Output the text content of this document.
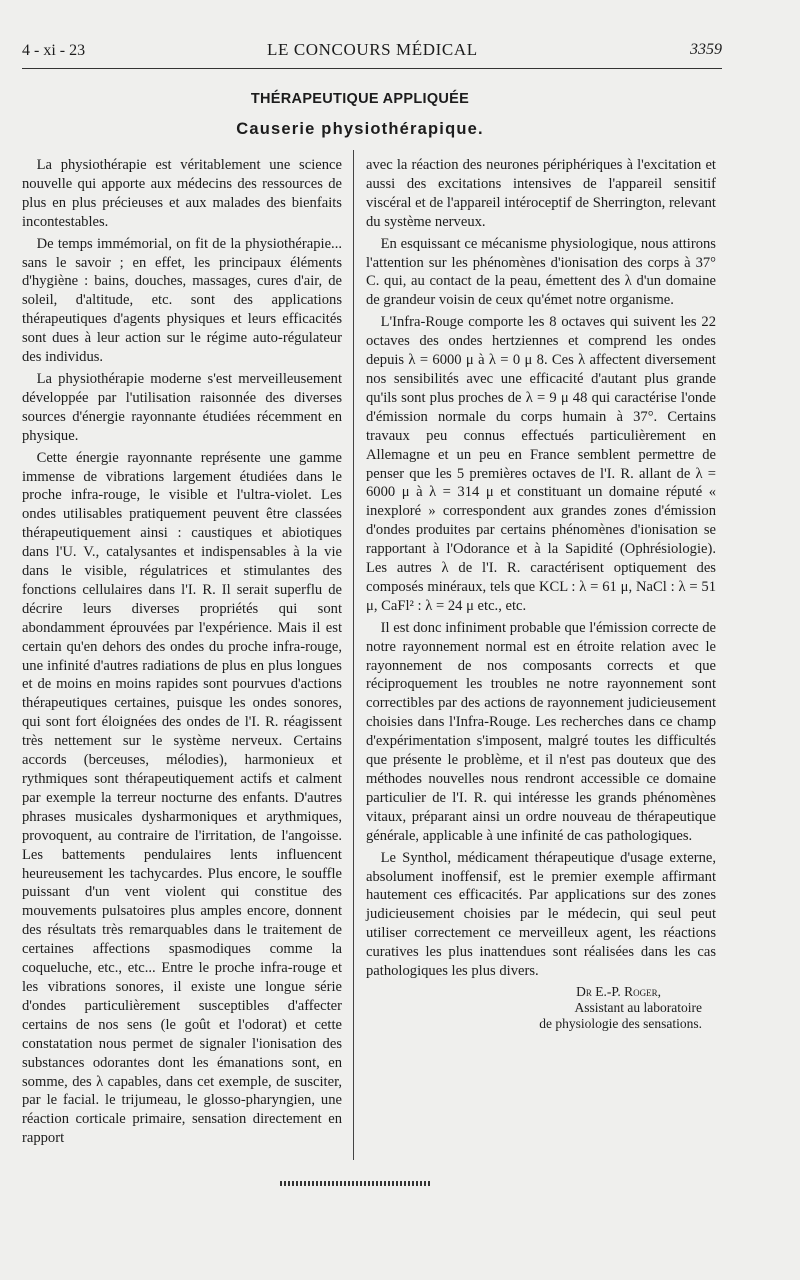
4 - xi - 23	LE CONCOURS MÉDICAL	3359
THÉRAPEUTIQUE APPLIQUÉE
Causerie physiothérapique.

La physiothérapie est véritablement une science nouvelle qui apporte aux médecins des ressources de plus en plus précieuses et aux malades des bienfaits incontestables.

De temps immémorial, on fit de la physiothérapie... sans le savoir ; en effet, les principaux éléments d'hygiène : bains, douches, massages, cures d'air, de soleil, d'altitude, etc. sont des applications thérapeutiques d'agents physiques et leurs efficacités sont dues à leur action sur le régime auto-régulateur des individus.

La physiothérapie moderne s'est merveilleusement développée par l'utilisation raisonnée des diverses sources d'énergie rayonnante étudiées récemment en physique.

Cette énergie rayonnante représente une gamme immense de vibrations largement étudiées dans le proche infra-rouge, le visible et l'ultra-violet. Les ondes utilisables pratiquement peuvent être classées thérapeutiquement ainsi : caustiques et abiotiques dans l'U. V., catalysantes et indispensables à la vie dans le visible, régulatrices et stimulantes des fonctions cellulaires dans l'I. R. Il serait superflu de décrire leurs diverses propriétés qui sont abondamment éprouvées par l'expérience. Mais il est certain qu'en dehors des ondes du proche infra-rouge, une infinité d'autres radiations de plus en plus longues et de moins en moins rapides sont pourvues d'actions thérapeutiques certaines, puisque les ondes sonores, qui sont fort éloignées des ondes de l'I. R. réagissent très nettement sur le système nerveux. Certains accords (berceuses, mélodies), harmonieux et rythmiques sont thérapeutiquement actifs et calment par exemple la terreur nocturne des enfants. D'autres phrases musicales dysharmoniques et arythmiques, provoquent, au contraire de l'irritation, de l'angoisse. Les battements pendulaires lents influencent heureusement les tachycardes. Plus encore, le souffle puissant d'un vent violent qui constitue des mouvements pulsatoires plus amples encore, donnent des résultats très remarquables dans le traitement de certaines affections spasmodiques comme la coqueluche, etc., etc... Entre le proche infra-rouge et les vibrations sonores, il existe une longue série d'ondes particulièrement susceptibles d'affecter certains de nos sens (le goût et l'odorat) et cette constatation nous permet de signaler l'ionisation des substances odorantes dont les émanations sont, en somme, des λ capables, dans cet exemple, de susciter, par le facial. le trijumeau, le glosso-pharyngien, une réaction corticale primaire, sensation directement en rapport

avec la réaction des neurones périphériques à l'excitation et aussi des excitations intensives de l'appareil sensitif viscéral et de l'appareil intéroceptif de Sherrington, relevant du système nerveux.

En esquissant ce mécanisme physiologique, nous attirons l'attention sur les phénomènes d'ionisation des corps à 37° C. qui, au contact de la peau, émettent des λ d'un domaine de grandeur voisin de ceux qu'émet notre organisme.

L'Infra-Rouge comporte les 8 octaves qui suivent les 22 octaves des ondes hertziennes et comprend les ondes depuis λ = 6000 μ à λ = 0 μ 8. Ces λ affectent diversement nos sensibilités avec une efficacité d'autant plus grande qu'ils sont plus proches de λ = 9 μ 48 qui caractérise l'onde d'émission normale du corps humain à 37°. Certains travaux peu connus effectués particulièrement en Allemagne et un peu en France semblent permettre de penser que les 5 premières octaves de l'I. R. allant de λ = 6000 μ à λ = 314 μ et constituant un domaine réputé « inexploré » correspondent aux grandes zones d'émission d'ondes produites par certains phénomènes d'ionisation se rapportant à l'Odorance et à la Sapidité (Ophrésiologie). Les autres λ de l'I. R. caractérisent optiquement des composés minéraux, tels que KCL : λ = 61 μ, NaCl : λ = 51 μ, CaFl² : λ = 24 μ etc., etc.

Il est donc infiniment probable que l'émission correcte de notre rayonnement normal est en étroite relation avec le rayonnement de nos composants corrects et que réciproquement les troubles ne notre rayonnement sont correctibles par des actions de rayonnement judicieusement choisies dans l'Infra-Rouge. Les recherches dans ce champ d'expérimentation s'imposent, malgré toutes les difficultés que présente le problème, et il n'est pas douteux que des méthodes nouvelles nous rendront accessible ce domaine particulier de l'I. R. qui intéresse les grands phénomènes vitaux, préparant ainsi un ordre nouveau de thérapeutique générale, applicable à une infinité de cas pathologiques.

Le Synthol, médicament thérapeutique d'usage externe, absolument inoffensif, est le premier exemple affirmant hautement ces efficacités. Par applications sur des zones judicieusement choisies par le médecin, qui seul peut utiliser correctement ce merveilleux agent, les réactions curatives les plus inattendues sont réalisées dans les cas pathologiques les plus divers.

Dr E.-P. Roger,
Assistant au laboratoire
de physiologie des sensations.
